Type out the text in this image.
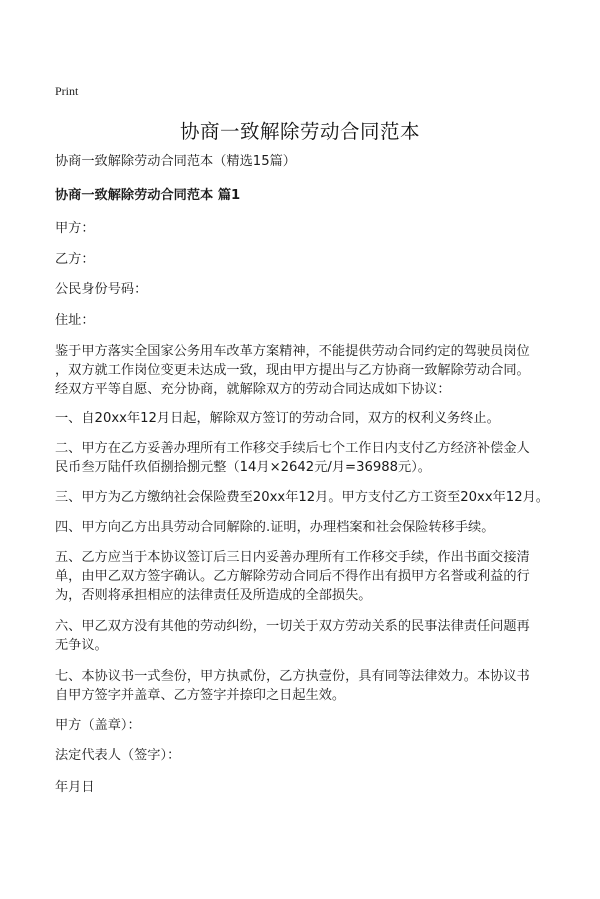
Print
协商一致解除劳动合同范本

协商一致解除劳动合同范本（精选15篇）

协商一致解除劳动合同范本 篇1

甲方：

乙方：

公民身份号码：

住址：

鉴于甲方落实全国家公务用车改革方案精神，不能提供劳动合同约定的驾驶员岗位
，双方就工作岗位变更未达成一致，现由甲方提出与乙方协商一致解除劳动合同。
经双方平等自愿、充分协商，就解除双方的劳动合同达成如下协议：
一、自20xx年12月日起，解除双方签订的劳动合同，双方的权利义务终止。
二、甲方在乙方妥善办理所有工作移交手续后七个工作日内支付乙方经济补偿金人
民币叁万陆仟玖佰捌拾捌元整（14月×2642元/月=36988元）。
三、甲方为乙方缴纳社会保险费至20xx年12月。甲方支付乙方工资至20xx年12月。
四、甲方向乙方出具劳动合同解除的.证明，办理档案和社会保险转移手续。
五、乙方应当于本协议签订后三日内妥善办理所有工作移交手续，作出书面交接清
单，由甲乙双方签字确认。乙方解除劳动合同后不得作出有损甲方名誉或利益的行
为，否则将承担相应的法律责任及所造成的全部损失。
六、甲乙双方没有其他的劳动纠纷，一切关于双方劳动关系的民事法律责任问题再
无争议。
七、本协议书一式叁份，甲方执贰份，乙方执壹份，具有同等法律效力。本协议书
自甲方签字并盖章、乙方签字并捺印之日起生效。

甲方（盖章）：

法定代表人（签字）：

年月日
